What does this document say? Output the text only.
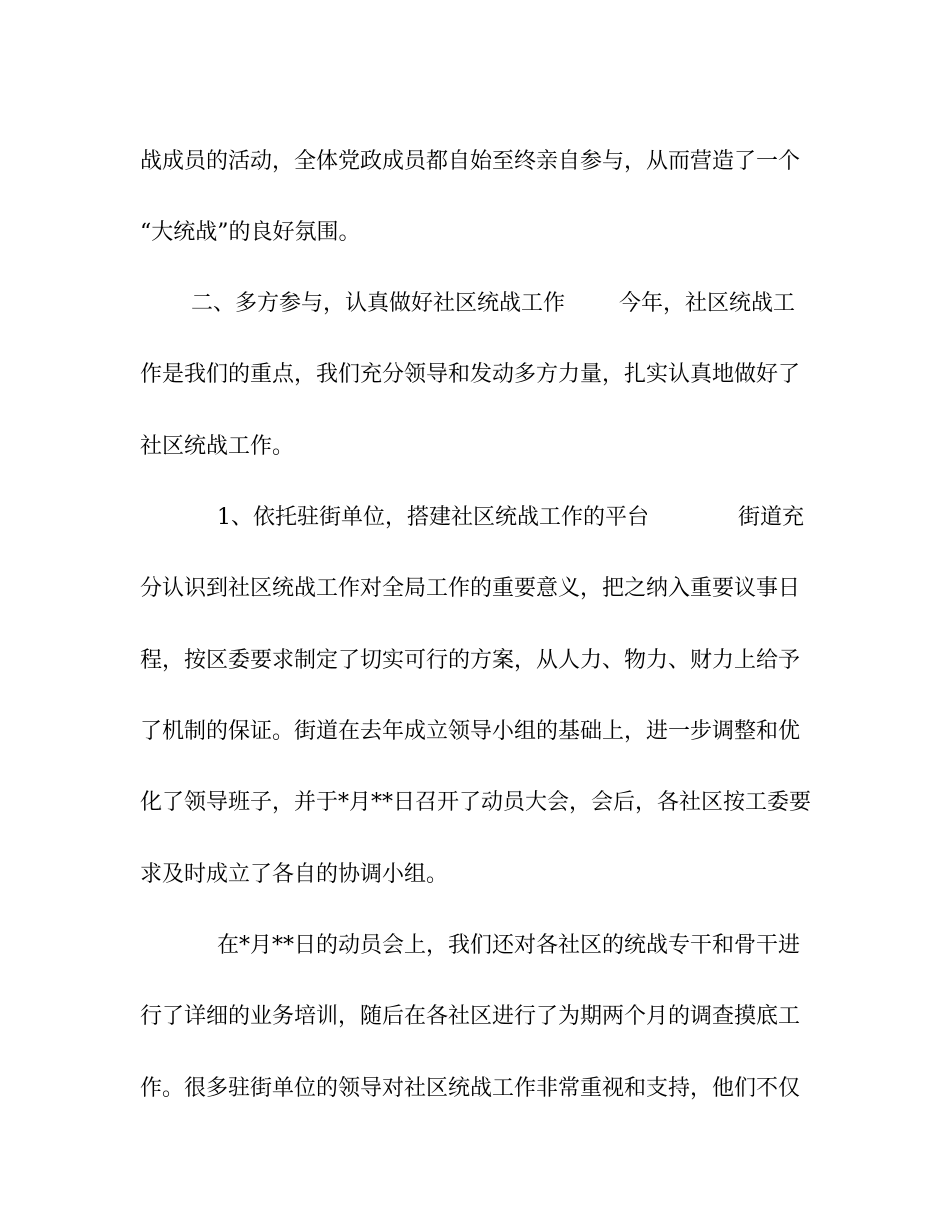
战成员的活动，全体党政成员都自始至终亲自参与，从而营造了一个
“大统战”的良好氛围。
二、多方参与，认真做好社区统战工作 今年，社区统战工
作是我们的重点，我们充分领导和发动多方力量，扎实认真地做好了
社区统战工作。
1、依托驻街单位，搭建社区统战工作的平台	街道充
分认识到社区统战工作对全局工作的重要意义，把之纳入重要议事日
程，按区委要求制定了切实可行的方案，从人力、物力、财力上给予
了机制的保证。街道在去年成立领导小组的基础上，进一步调整和优
化了领导班子，并于*月**日召开了动员大会，会后，各社区按工委要
求及时成立了各自的协调小组。
在*月**日的动员会上，我们还对各社区的统战专干和骨干进
行了详细的业务培训，随后在各社区进行了为期两个月的调查摸底工
作。很多驻街单位的领导对社区统战工作非常重视和支持，他们不仅
